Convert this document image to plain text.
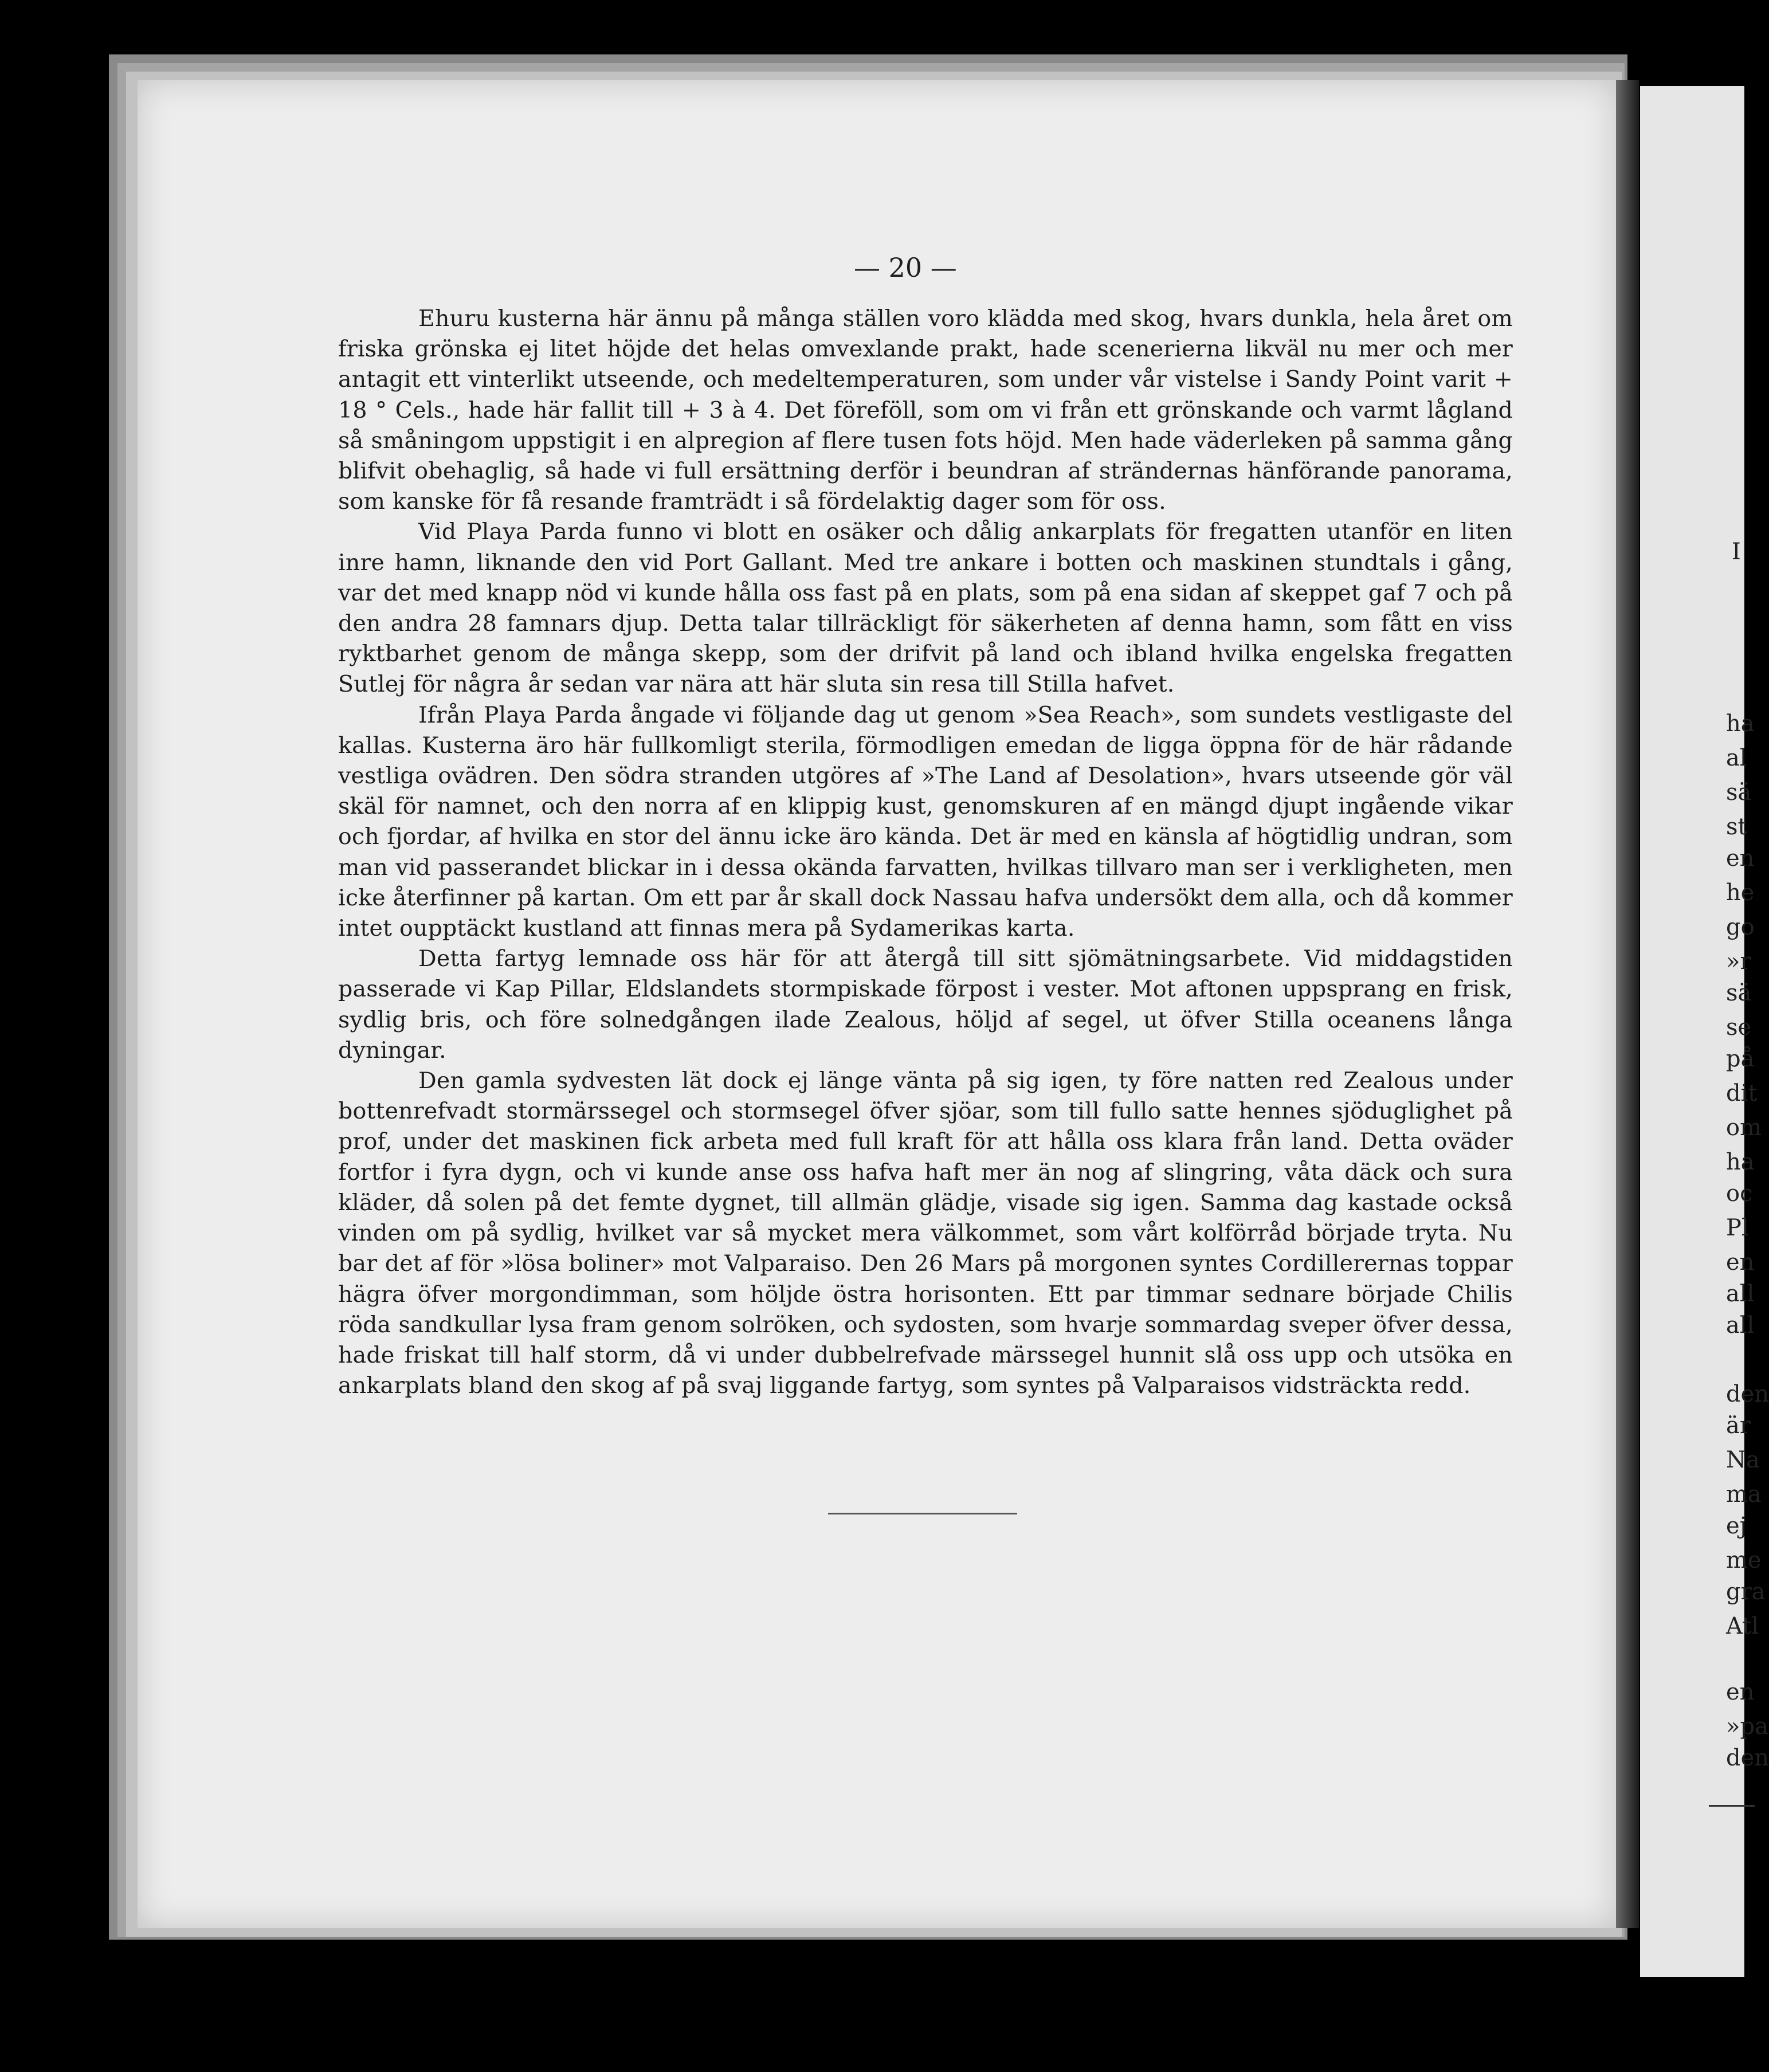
I
ha
al
sä
st
en
he
go
»r
sä
se
på
dit
om
ha
oc
Pl
en
all
all
den
är
Na
ma
ej
me
gra
Atl
en
»pa
den
— 20 —

Ehuru kusterna här ännu på många ställen voro klädda med skog, hvars dunkla, hela året om friska grönska ej litet höjde det helas omvexlande prakt, hade scenerierna likväl nu mer och mer antagit ett vinterlikt utseende, och medeltemperaturen, som under vår vistelse i Sandy Point varit + 18 ° Cels., hade här fallit till + 3 à 4. Det föreföll, som om vi från ett grönskande och varmt lågland så småningom uppstigit i en alpregion af flere tusen fots höjd. Men hade väderleken på samma gång blifvit obehaglig, så hade vi full ersättning derför i beundran af strändernas hänförande panorama, som kanske för få resande framträdt i så fördelaktig dager som för oss.

Vid Playa Parda funno vi blott en osäker och dålig ankarplats för fregatten utanför en liten inre hamn, liknande den vid Port Gallant. Med tre ankare i botten och maskinen stundtals i gång, var det med knapp nöd vi kunde hålla oss fast på en plats, som på ena sidan af skeppet gaf 7 och på den andra 28 famnars djup. Detta talar tillräckligt för säkerheten af denna hamn, som fått en viss ryktbarhet genom de många skepp, som der drifvit på land och ibland hvilka engelska fregatten Sutlej för några år sedan var nära att här sluta sin resa till Stilla hafvet.

Ifrån Playa Parda ångade vi följande dag ut genom »Sea Reach», som sundets vestligaste del kallas. Kusterna äro här fullkomligt sterila, förmodligen emedan de ligga öppna för de här rådande vestliga ovädren. Den södra stranden utgöres af »The Land af Desolation», hvars utseende gör väl skäl för namnet, och den norra af en klippig kust, genomskuren af en mängd djupt ingående vikar och fjordar, af hvilka en stor del ännu icke äro kända. Det är med en känsla af högtidlig undran, som man vid passerandet blickar in i dessa okända farvatten, hvilkas tillvaro man ser i verkligheten, men icke återfinner på kartan. Om ett par år skall dock Nassau hafva undersökt dem alla, och då kommer intet oupptäckt kustland att finnas mera på Sydamerikas karta.

Detta fartyg lemnade oss här för att återgå till sitt sjömätningsarbete. Vid middagstiden passerade vi Kap Pillar, Eldslandets stormpiskade förpost i vester. Mot aftonen uppsprang en frisk, sydlig bris, och före solnedgången ilade Zealous, höljd af segel, ut öfver Stilla oceanens långa dyningar.

Den gamla sydvesten lät dock ej länge vänta på sig igen, ty före natten red Zealous under bottenrefvadt stormärssegel och stormsegel öfver sjöar, som till fullo satte hennes sjöduglighet på prof, under det maskinen fick arbeta med full kraft för att hålla oss klara från land. Detta oväder fortfor i fyra dygn, och vi kunde anse oss hafva haft mer än nog af slingring, våta däck och sura kläder, då solen på det femte dygnet, till allmän glädje, visade sig igen. Samma dag kastade också vinden om på sydlig, hvilket var så mycket mera välkommet, som vårt kolförråd började tryta. Nu bar det af för »lösa boliner» mot Valparaiso. Den 26 Mars på morgonen syntes Cordillerernas toppar hägra öfver morgondimman, som höljde östra horisonten. Ett par timmar sednare började Chilis röda sandkullar lysa fram genom solröken, och sydosten, som hvarje sommardag sveper öfver dessa, hade friskat till half storm, då vi under dubbelrefvade märssegel hunnit slå oss upp och utsöka en ankarplats bland den skog af på svaj liggande fartyg, som syntes på Valparaisos vidsträckta redd.
